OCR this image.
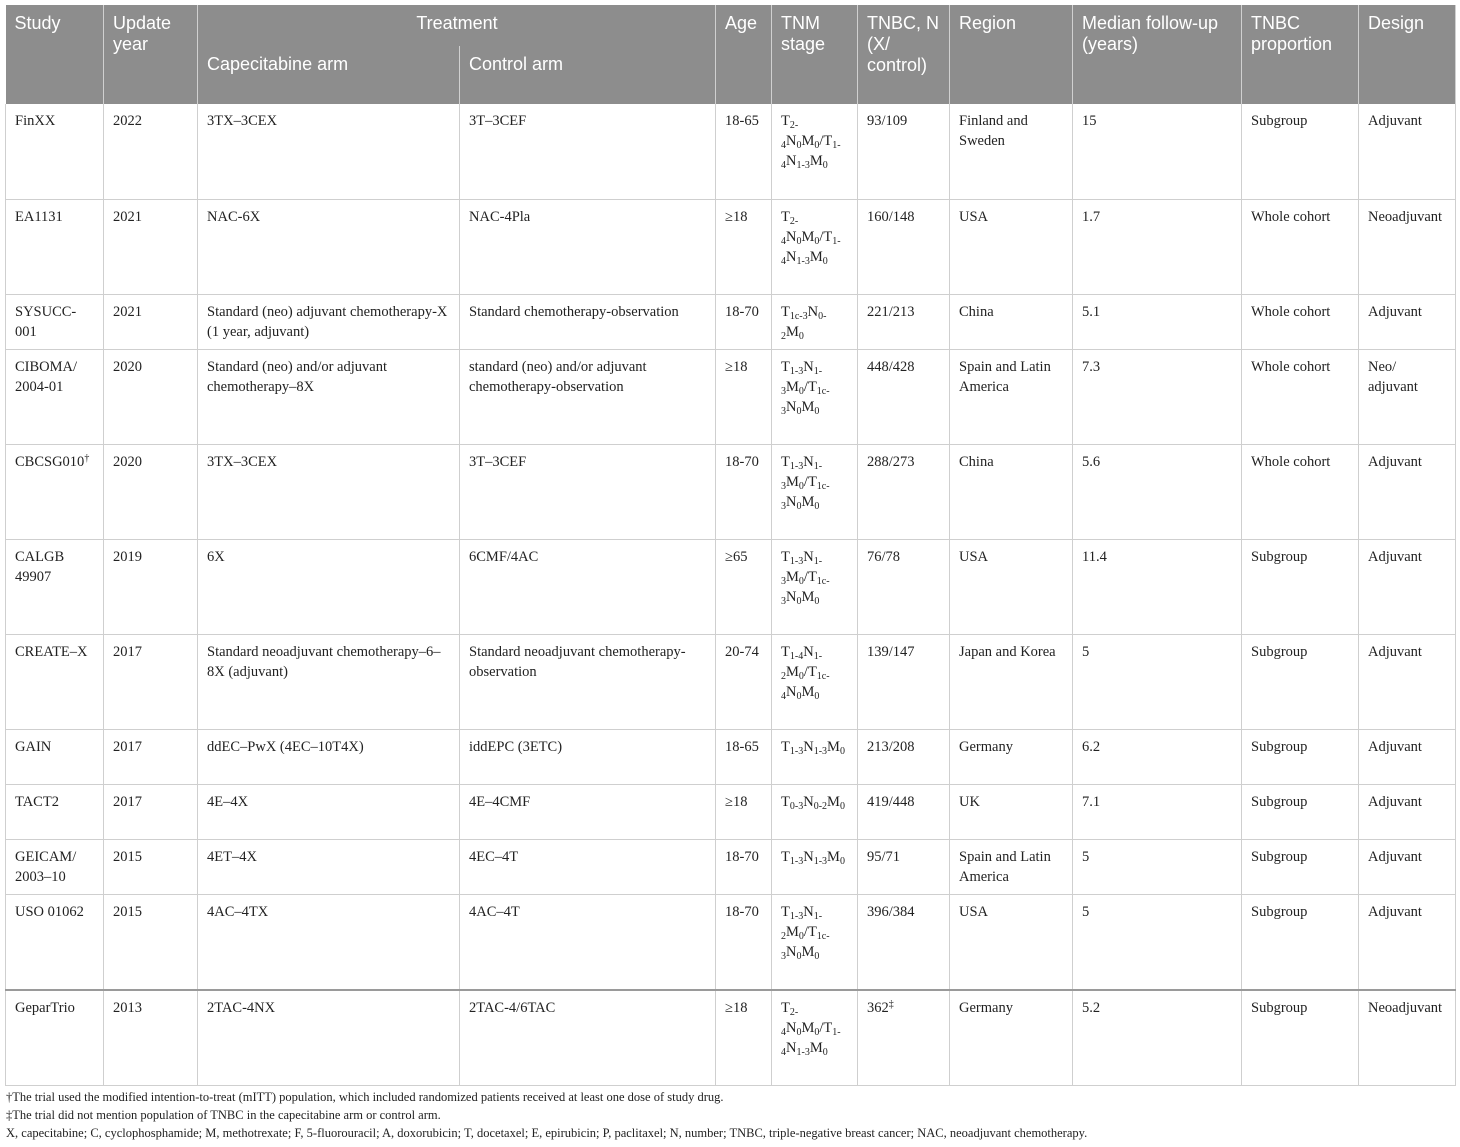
Study	Update year	Treatment		Age	TNM stage	TNBC, N (X/ control)	Region	Median follow-up (years)	TNBC proportion	Design
		Capecitabine arm	Control arm							
FinXX	2022	3TX–3CEX	3T–3CEF	18-65	$T_{2-4}N_0M_0/T_{1-4}N_{1-3}M_0$	93/109	Finland and Sweden	15	Subgroup	Adjuvant
EA1131	2021	NAC-6X	NAC-4Pla	≥18	$T_{2-4}N_0M_0/T_{1-4}N_{1-3}M_0$	160/148	USA	1.7	Whole cohort	Neoadjuvant
SYSUCC-001	2021	Standard (neo) adjuvant chemotherapy-X (1 year, adjuvant)	Standard chemotherapy-observation	18-70	$T_{1c-3}N_{0-2}M_0$	221/213	China	5.1	Whole cohort	Adjuvant
CIBOMA/ 2004-01	2020	Standard (neo) and/or adjuvant chemotherapy–8X	standard (neo) and/or adjuvant chemotherapy-observation	≥18	$T_{1-3}N_{1-3}M_0/T_{1c-3}N_0M_0$	448/428	Spain and Latin America	7.3	Whole cohort	Neo/ adjuvant
CBCSG010†	2020	3TX–3CEX	3T–3CEF	18-70	$T_{1-3}N_{1-3}M_0/T_{1c-3}N_0M_0$	288/273	China	5.6	Whole cohort	Adjuvant
CALGB 49907	2019	6X	6CMF/4AC	≥65	$T_{1-3}N_{1-3}M_0/T_{1c-3}N_0M_0$	76/78	USA	11.4	Subgroup	Adjuvant
CREATE–X	2017	Standard neoadjuvant chemotherapy–6–8X (adjuvant)	Standard neoadjuvant chemotherapy-observation	20-74	$T_{1-4}N_{1-2}M_0/T_{1c-4}N_0M_0$	139/147	Japan and Korea	5	Subgroup	Adjuvant
GAIN	2017	ddEC–PwX (4EC–10T4X)	iddEPC (3ETC)	18-65	$T_{1-3}N_{1-3}M_0$	213/208	Germany	6.2	Subgroup	Adjuvant
TACT2	2017	4E–4X	4E–4CMF	≥18	$T_{0-3}N_{0-2}M_0$	419/448	UK	7.1	Subgroup	Adjuvant
GEICAM/ 2003–10	2015	4ET–4X	4EC–4T	18-70	$T_{1-3}N_{1-3}M_0$	95/71	Spain and Latin America	5	Subgroup	Adjuvant
USO 01062	2015	4AC–4TX	4AC–4T	18-70	$T_{1-3}N_{1-2}M_0/T_{1c-3}N_0M_0$	396/384	USA	5	Subgroup	Adjuvant
GeparTrio	2013	2TAC-4NX	2TAC-4/6TAC	≥18	$T_{2-4}N_0M_0/T_{1-4}N_{1-3}M_0$	362‡	Germany	5.2	Subgroup	Neoadjuvant

†The trial used the modified intention-to-treat (mITT) population, which included randomized patients received at least one dose of study drug.

‡The trial did not mention population of TNBC in the capecitabine arm or control arm.

X, capecitabine; C, cyclophosphamide; M, methotrexate; F, 5-fluorouracil; A, doxorubicin; T, docetaxel; E, epirubicin; P, paclitaxel; N, number; TNBC, triple-negative breast cancer; NAC, neoadjuvant chemotherapy.
